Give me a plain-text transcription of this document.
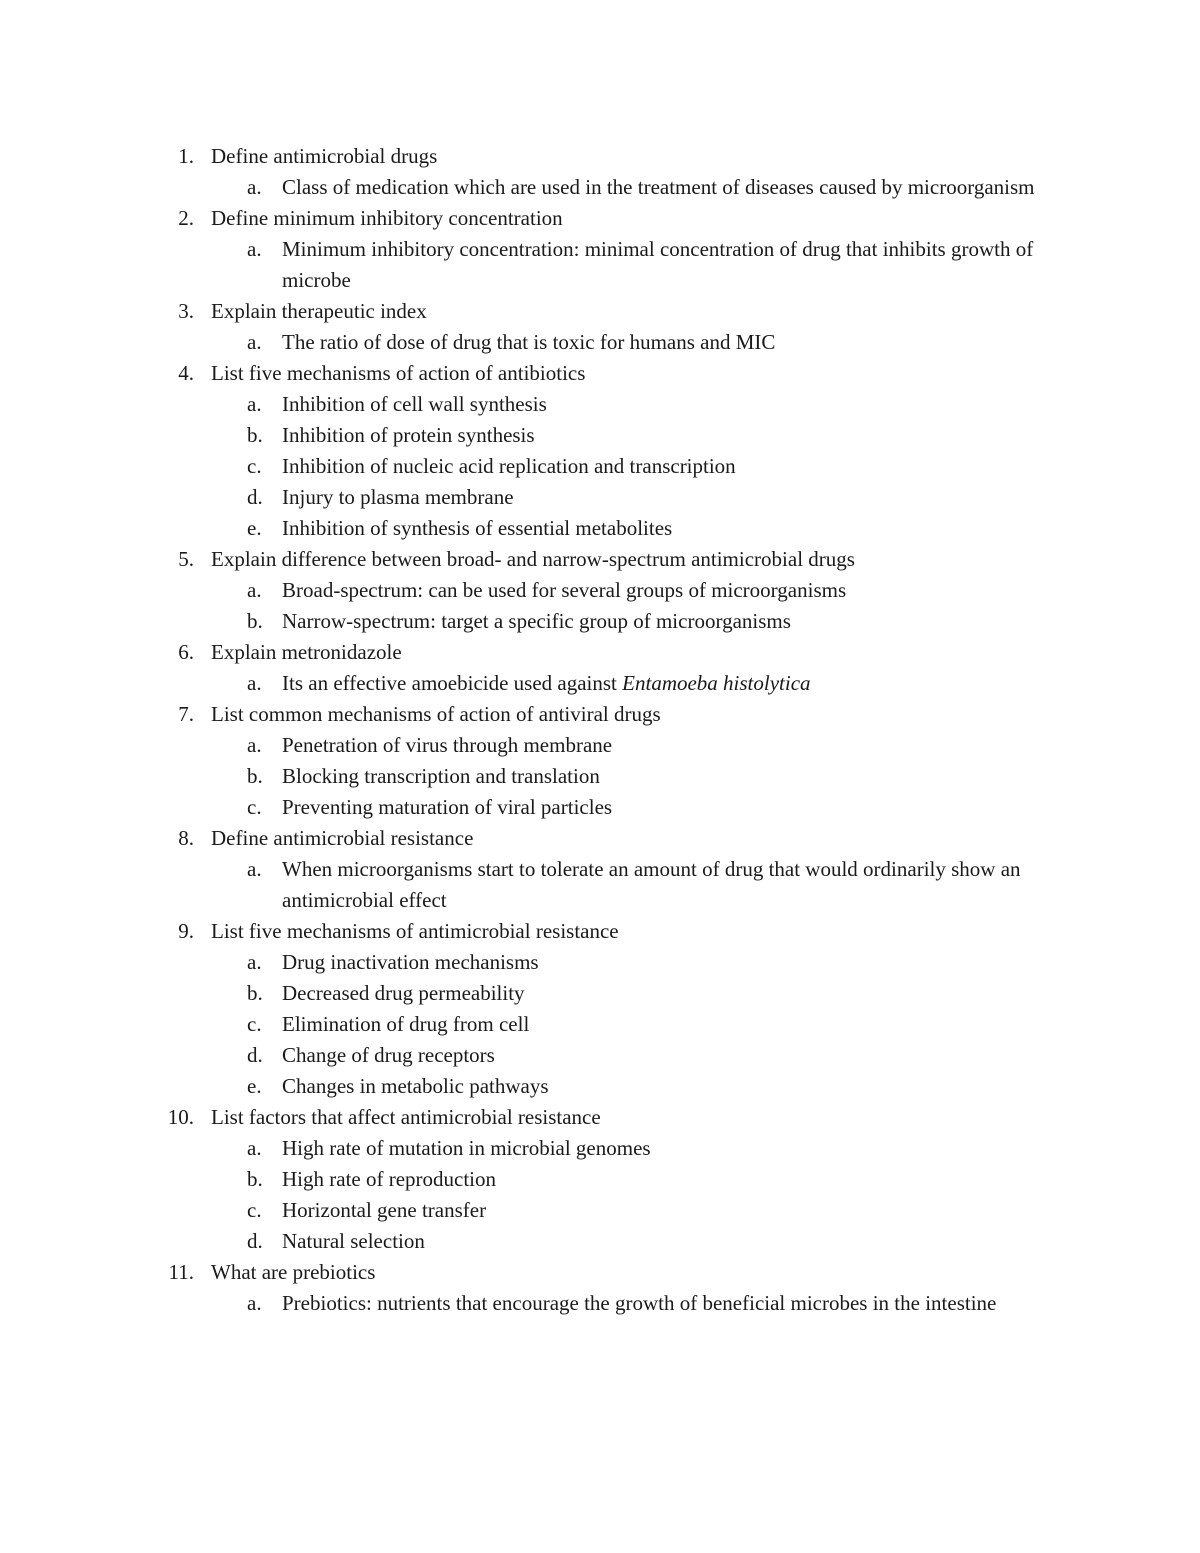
1. Define antimicrobial drugs
a. Class of medication which are used in the treatment of diseases caused by microorganism
2. Define minimum inhibitory concentration
a. Minimum inhibitory concentration: minimal concentration of drug that inhibits growth of microbe
3. Explain therapeutic index
a. The ratio of dose of drug that is toxic for humans and MIC
4. List five mechanisms of action of antibiotics
a. Inhibition of cell wall synthesis
b. Inhibition of protein synthesis
c. Inhibition of nucleic acid replication and transcription
d. Injury to plasma membrane
e. Inhibition of synthesis of essential metabolites
5. Explain difference between broad- and narrow-spectrum antimicrobial drugs
a. Broad-spectrum: can be used for several groups of microorganisms
b. Narrow-spectrum: target a specific group of microorganisms
6. Explain metronidazole
a. Its an effective amoebicide used against Entamoeba histolytica
7. List common mechanisms of action of antiviral drugs
a. Penetration of virus through membrane
b. Blocking transcription and translation
c. Preventing maturation of viral particles
8. Define antimicrobial resistance
a. When microorganisms start to tolerate an amount of drug that would ordinarily show an antimicrobial effect
9. List five mechanisms of antimicrobial resistance
a. Drug inactivation mechanisms
b. Decreased drug permeability
c. Elimination of drug from cell
d. Change of drug receptors
e. Changes in metabolic pathways
10. List factors that affect antimicrobial resistance
a. High rate of mutation in microbial genomes
b. High rate of reproduction
c. Horizontal gene transfer
d. Natural selection
11. What are prebiotics
a. Prebiotics: nutrients that encourage the growth of beneficial microbes in the intestine
